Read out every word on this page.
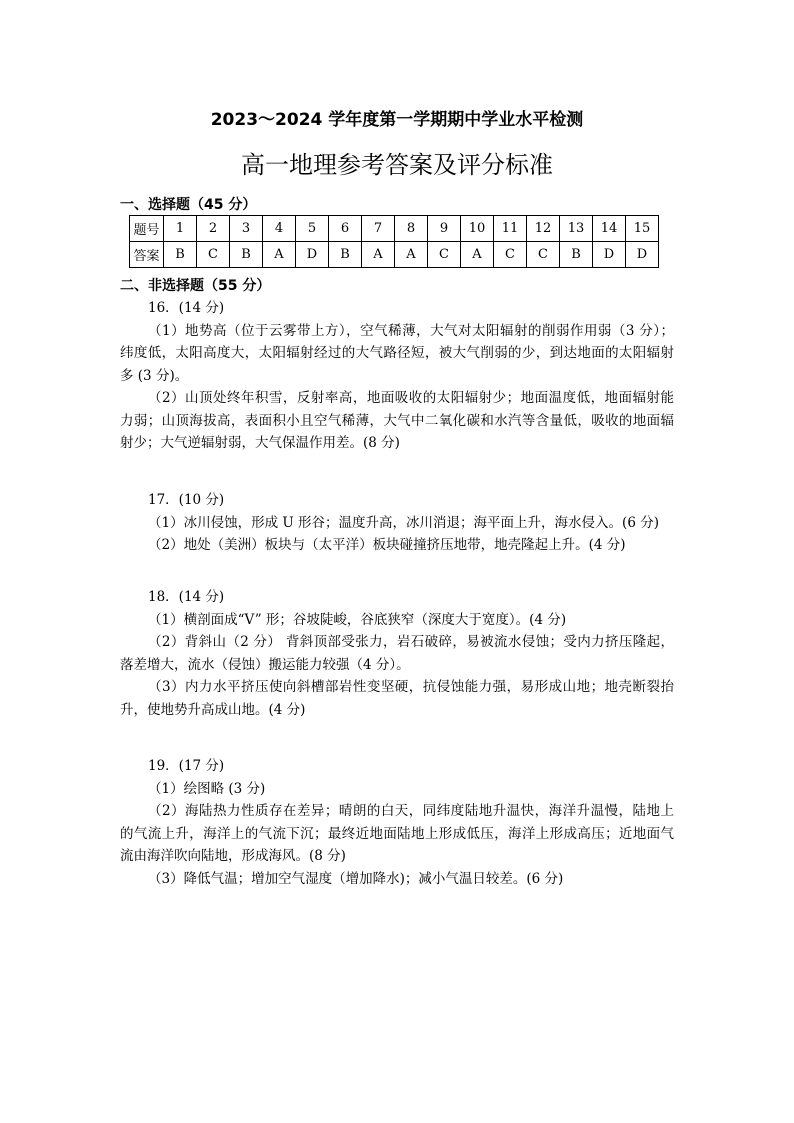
2023～2024 学年度第一学期期中学业水平检测
高一地理参考答案及评分标准
一、选择题（45 分）
题号	1	2	3	4	5	6	7	8	9	10	11	12	13	14	15
答案	B	C	B	A	D	B	A	A	C	A	C	C	B	D	D
二、非选择题（55 分）
16．(14 分)
（1）地势高（位于云雾带上方），空气稀薄，大气对太阳辐射的削弱作用弱（3 分）；
纬度低，太阳高度大，太阳辐射经过的大气路径短，被大气削弱的少，到达地面的太阳辐射
多 (3 分)。
（2）山顶处终年积雪，反射率高，地面吸收的太阳辐射少；地面温度低，地面辐射能
力弱；山顶海拔高，表面积小且空气稀薄，大气中二氧化碳和水汽等含量低，吸收的地面辐
射少；大气逆辐射弱，大气保温作用差。(8 分)
17．(10 分)
（1）冰川侵蚀，形成 U 形谷；温度升高，冰川消退；海平面上升，海水侵入。(6 分)
（2）地处（美洲）板块与（太平洋）板块碰撞挤压地带，地壳隆起上升。(4 分)
18．(14 分)
（1）横剖面成“V” 形；谷坡陡峻，谷底狭窄（深度大于宽度）。(4 分)
（2）背斜山（2 分） 背斜顶部受张力，岩石破碎，易被流水侵蚀；受内力挤压隆起，
落差增大，流水（侵蚀）搬运能力较强（4 分）。
（3）内力水平挤压使向斜槽部岩性变坚硬，抗侵蚀能力强，易形成山地；地壳断裂抬
升，使地势升高成山地。(4 分)
19．(17 分)
（1）绘图略 (3 分)
（2）海陆热力性质存在差异；晴朗的白天，同纬度陆地升温快，海洋升温慢，陆地上
的气流上升，海洋上的气流下沉；最终近地面陆地上形成低压，海洋上形成高压；近地面气
流由海洋吹向陆地，形成海风。(8 分)
（3）降低气温；增加空气湿度（增加降水)；减小气温日较差。(6 分)
